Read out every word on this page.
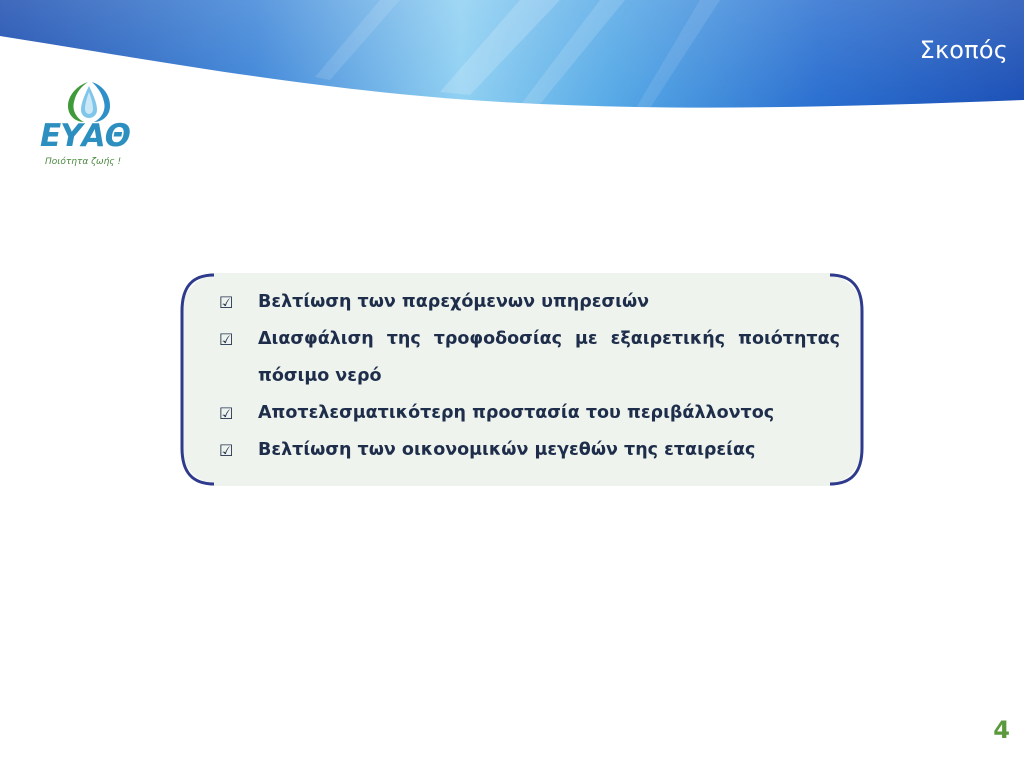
Σκοπός
ΕΥΑΘ
Ποιότητα ζωής !
☑ Βελτίωση των παρεχόμενων υπηρεσιών
☑ Διασφάλιση της τροφοδοσίας με εξαιρετικής ποιότητας πόσιμο νερό
☑ Αποτελεσματικότερη προστασία του περιβάλλοντος
☑ Βελτίωση των οικονομικών μεγεθών της εταιρείας
4
